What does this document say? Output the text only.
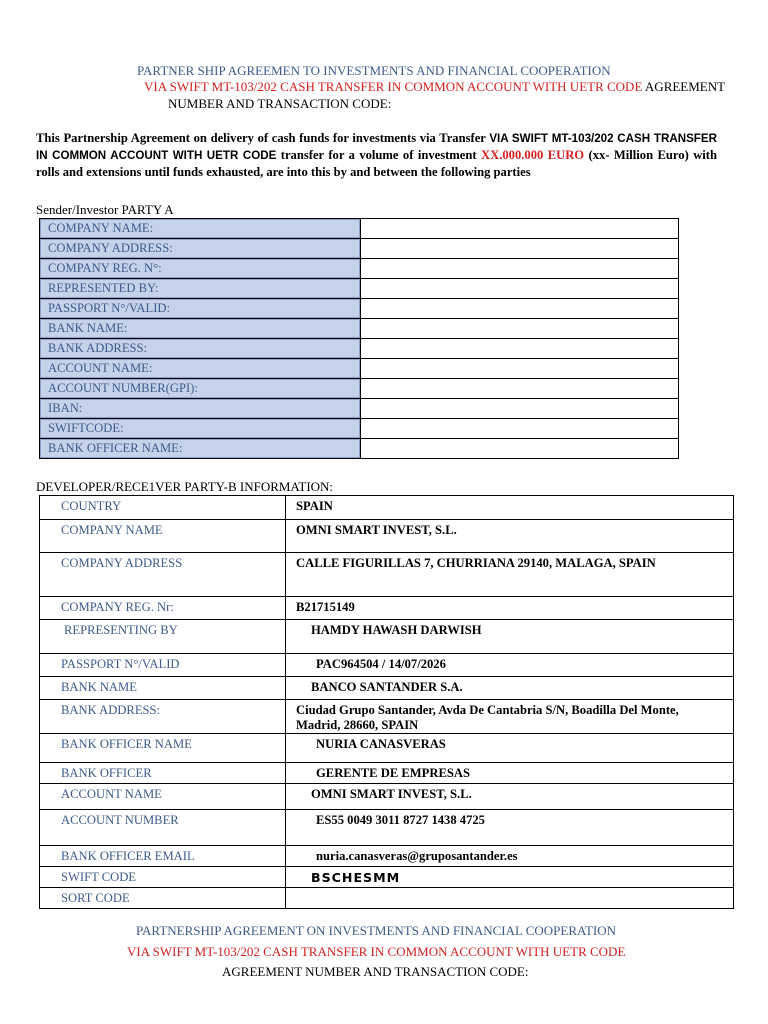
PARTNER SHIP AGREEMEN TO INVESTMENTS AND FINANCIAL COOPERATION
VIA SWIFT MT-103/202 CASH TRANSFER IN COMMON ACCOUNT WITH UETR CODE AGREEMENT
NUMBER AND TRANSACTION CODE:
This Partnership Agreement on delivery of cash funds for investments via Transfer VIA SWIFT MT-103/202 CASH TRANSFER IN COMMON ACCOUNT WITH UETR CODE transfer for a volume of investment XX.000.000 EURO (xx- Million Euro) with rolls and extensions until funds exhausted, are into this by and between the following parties
Sender/Investor PARTY A
COMPANY NAME:	
COMPANY ADDRESS:	
COMPANY REG. N°:	
REPRESENTED BY:	
PASSPORT N°/VALID:	
BANK NAME:	
BANK ADDRESS:	
ACCOUNT NAME:	
ACCOUNT NUMBER(GPI):	
IBAN:	
SWIFTCODE:	
BANK OFFICER NAME:	
DEVELOPER/RECE1VER PARTY-B INFORMATION:
COUNTRY	SPAIN
COMPANY NAME	OMNI SMART INVEST, S.L.
COMPANY ADDRESS	CALLE FIGURILLAS 7, CHURRIANA 29140, MALAGA, SPAIN
COMPANY REG. Nr:	B21715149
REPRESENTING BY	HAMDY HAWASH DARWISH
PASSPORT N°/VALID	PAC964504 / 14/07/2026
BANK NAME	BANCO SANTANDER S.A.
BANK ADDRESS:	Ciudad Grupo Santander, Avda De Cantabria S/N, Boadilla Del Monte, Madrid, 28660, SPAIN
BANK OFFICER NAME	NURIA CANASVERAS
BANK OFFICER	GERENTE DE EMPRESAS
ACCOUNT NAME	OMNI SMART INVEST, S.L.
ACCOUNT NUMBER	ES55 0049 3011 8727 1438 4725
BANK OFFICER EMAIL	nuria.canasveras@gruposantander.es
SWIFT CODE	BSCHESMM
SORT CODE	
PARTNERSHIP AGREEMENT ON INVESTMENTS AND FINANCIAL COOPERATION
VIA SWIFT MT-103/202 CASH TRANSFER IN COMMON ACCOUNT WITH UETR CODE
AGREEMENT NUMBER AND TRANSACTION CODE:
